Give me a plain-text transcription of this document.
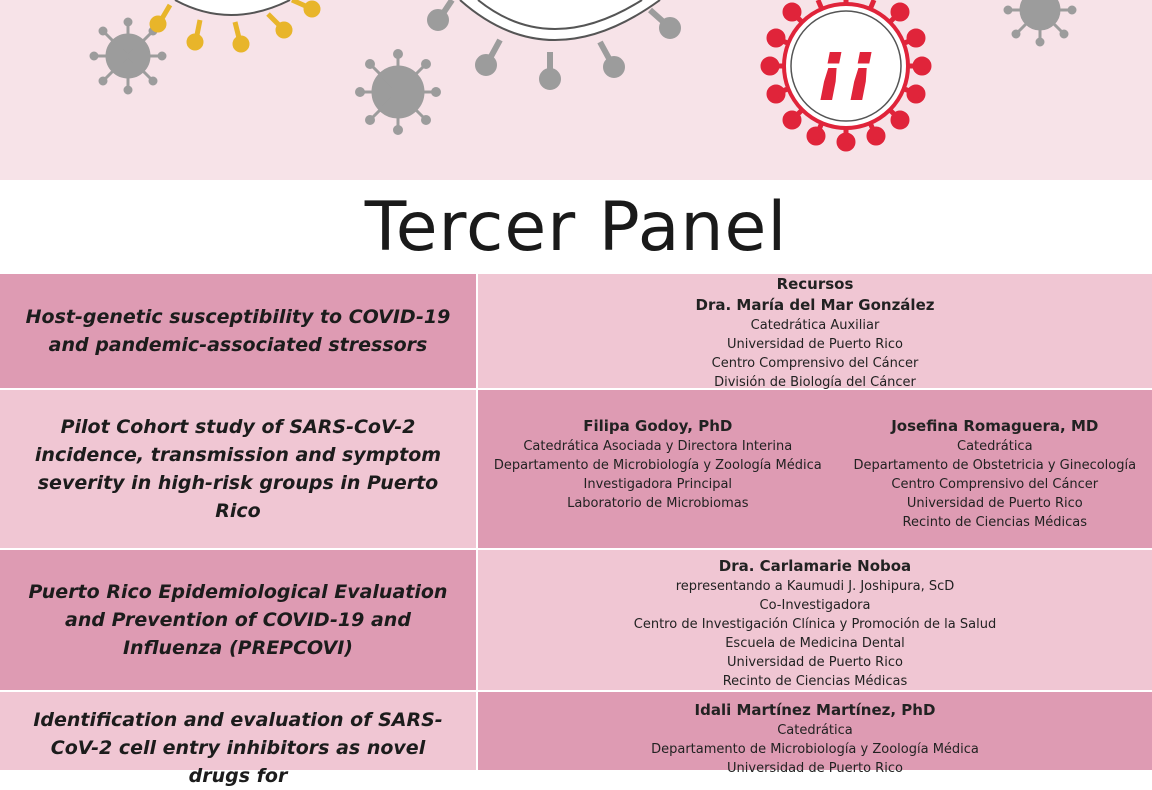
¡¡
Tercer Panel
Host-genetic susceptibility to COVID-19 and pandemic-associated stressors
Recursos
Dra. María del Mar González
Catedrática Auxiliar
Universidad de Puerto Rico
Centro Comprensivo del Cáncer
División de Biología del Cáncer
Pilot Cohort study of SARS-CoV-2 incidence, transmission and symptom severity in high-risk groups in Puerto Rico
Filipa Godoy, PhD
Catedrática Asociada y Directora Interina
Departamento de Microbiología y Zoología Médica
Investigadora Principal
Laboratorio de Microbiomas
Josefina Romaguera, MD
Catedrática
Departamento de Obstetricia y Ginecología
Centro Comprensivo del Cáncer
Universidad de Puerto Rico
Recinto de Ciencias Médicas
Puerto Rico Epidemiological Evaluation and Prevention of COVID-19 and Influenza (PREPCOVI)
Dra. Carlamarie Noboa
representando a Kaumudi J. Joshipura, ScD
Co-Investigadora
Centro de Investigación Clínica y Promoción de la Salud
Escuela de Medicina Dental
Universidad de Puerto Rico
Recinto de Ciencias Médicas
Identification and evaluation of SARS-CoV-2 cell entry inhibitors as novel drugs for
Idali Martínez Martínez, PhD
Catedrática
Departamento de Microbiología y Zoología Médica
Universidad de Puerto Rico
